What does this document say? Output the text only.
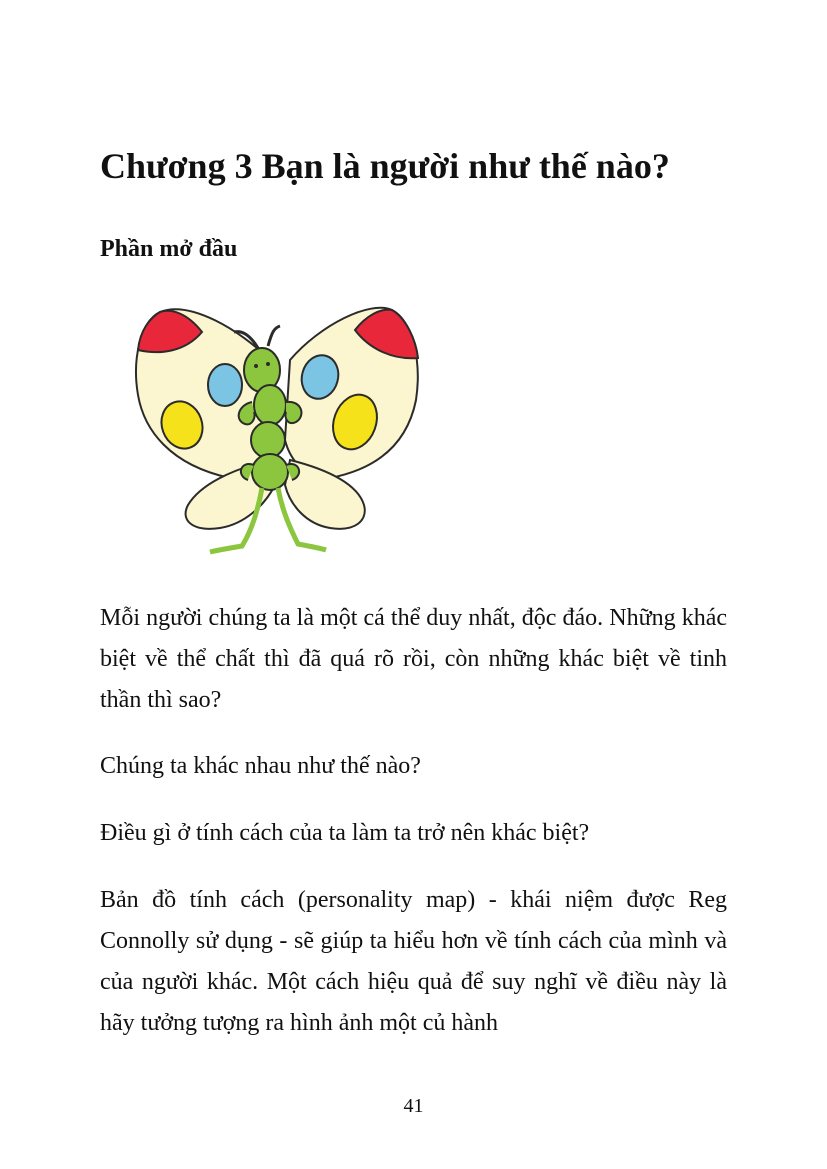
Chương 3 Bạn là người như thế nào?
Phần mở đầu

Mỗi người chúng ta là một cá thể duy nhất, độc đáo. Những khác biệt về thể chất thì đã quá rõ rồi, còn những khác biệt về tinh thần thì sao?

Chúng ta khác nhau như thế nào?

Điều gì ở tính cách của ta làm ta trở nên khác biệt?

Bản đồ tính cách (personality map) - khái niệm được Reg Connolly sử dụng - sẽ giúp ta hiểu hơn về tính cách của mình và của người khác. Một cách hiệu quả để suy nghĩ về điều này là hãy tưởng tượng ra hình ảnh một củ hành

41
